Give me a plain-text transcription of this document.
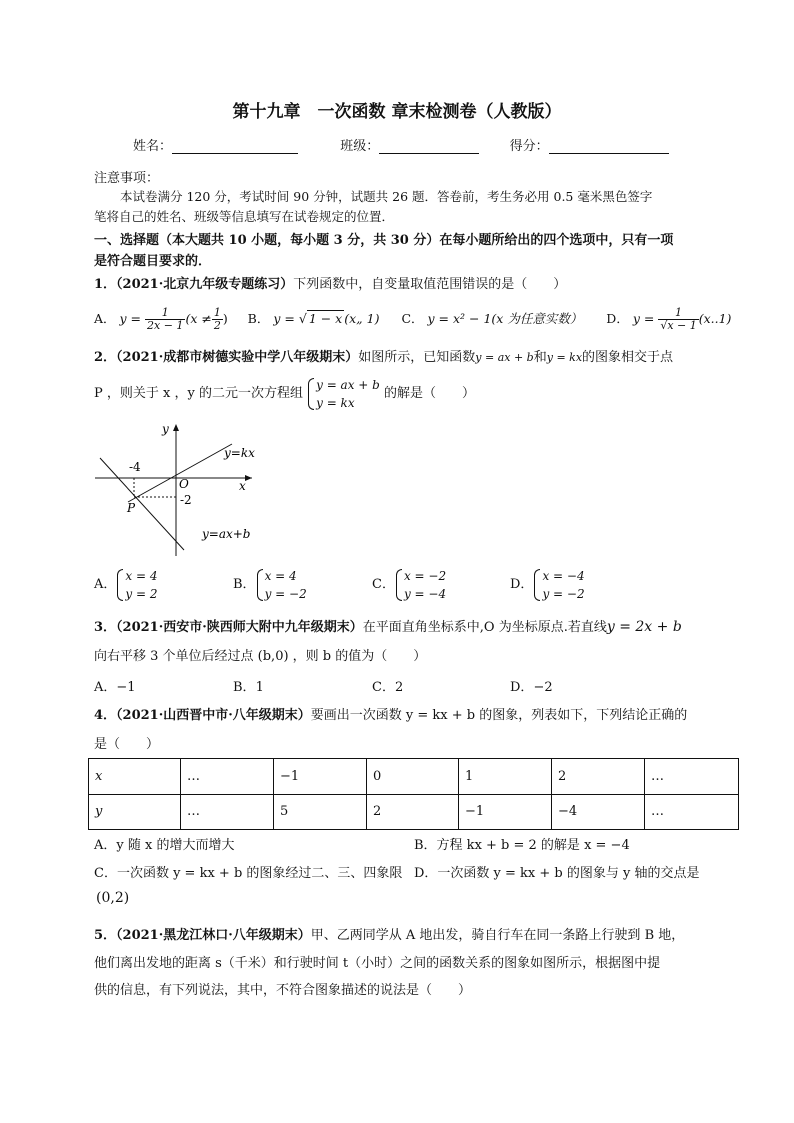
第十九章　一次函数 章末检测卷（人教版）
姓名：	班级：	得分：
注意事项：
本试卷满分 120 分，考试时间 90 分钟，试题共 26 题．答卷前，考生务必用 0.5 毫米黑色签字
笔将自己的姓名、班级等信息填写在试卷规定的位置．
一、选择题（本大题共 10 小题，每小题 3 分，共 30 分）在每小题所给出的四个选项中，只有一项
是符合题目要求的．
1．（2021·北京九年级专题练习）下列函数中，自变量取值范围错误的是（　　）
A． $y = \frac{1}{2x - 1} (x \ne \frac{1}{2}$ ) B． y = √ 1 − x (x„ 1) C． y = x² − 1(x 为任意实数） D． $y = \frac{1}{√x - 1} (x..1)$
2．（2021·成都市树德实验中学八年级期末）如图所示，已知函数y = ax + b和y = kx的图象相交于点
P ，则关于 x ，y 的二元一次方程组
y = ax + b
y = kx
的解是（　　）
y=kx
y=ax+b
y
x
O
-4
-2
P
A．
x = 4
y = 2
B．
x = 4
y = −2
C．
x = −2
y = −4
D．
x = −4
y = −2
3．（2021·西安市·陕西师大附中九年级期末）在平面直角坐标系中,O 为坐标原点.若直线y = 2x + b
向右平移 3 个单位后经过点 (b,0) ，则 b 的值为（　　）
A．−1	B．1	C．2	D．−2
4．（2021·山西晋中市·八年级期末）要画出一次函数 y = kx + b 的图象，列表如下，下列结论正确的
是（　　）
x	…	−1	0	1	2	…
y	…	5	2	−1	−4	…
A．y 随 x 的增大而增大	B．方程 kx + b = 2 的解是 x = −4
C．一次函数 y = kx + b 的图象经过二、三、四象限 D．一次函数 y = kx + b 的图象与 y 轴的交点是
(0,2)
5．（2021·黑龙江林口·八年级期末）甲、乙两同学从 A 地出发，骑自行车在同一条路上行驶到 B 地，
他们离出发地的距离 s（千米）和行驶时间 t（小时）之间的函数关系的图象如图所示，根据图中提
供的信息，有下列说法，其中，不符合图象描述的说法是（　　）
